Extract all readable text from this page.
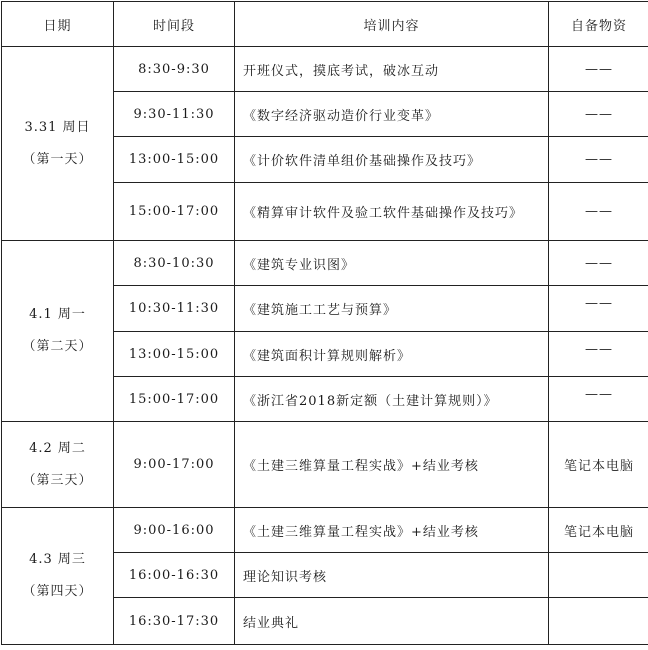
日期	时间段	培训内容	自备物资

3.31 周日
（第一天）	8:30-9:30	开班仪式，摸底考试，破冰互动	——
	9:30-11:30	《数字经济驱动造价行业变革》	——
	13:00-15:00	《计价软件清单组价基础操作及技巧》	——
	15:00-17:00	《精算审计软件及验工软件基础操作及技巧》	——

4.1 周一
（第二天）	8:30-10:30	《建筑专业识图》	——
	10:30-11:30	《建筑施工工艺与预算》	——
	13:00-15:00	《建筑面积计算规则解析》	——
	15:00-17:00	《浙江省2018新定额（土建计算规则）》	——

4.2 周二
（第三天）	9:00-17:00	《土建三维算量工程实战》+结业考核	笔记本电脑

4.3 周三
（第四天）	9:00-16:00	《土建三维算量工程实战》+结业考核	笔记本电脑
	16:00-16:30	理论知识考核	
	16:30-17:30	结业典礼	
